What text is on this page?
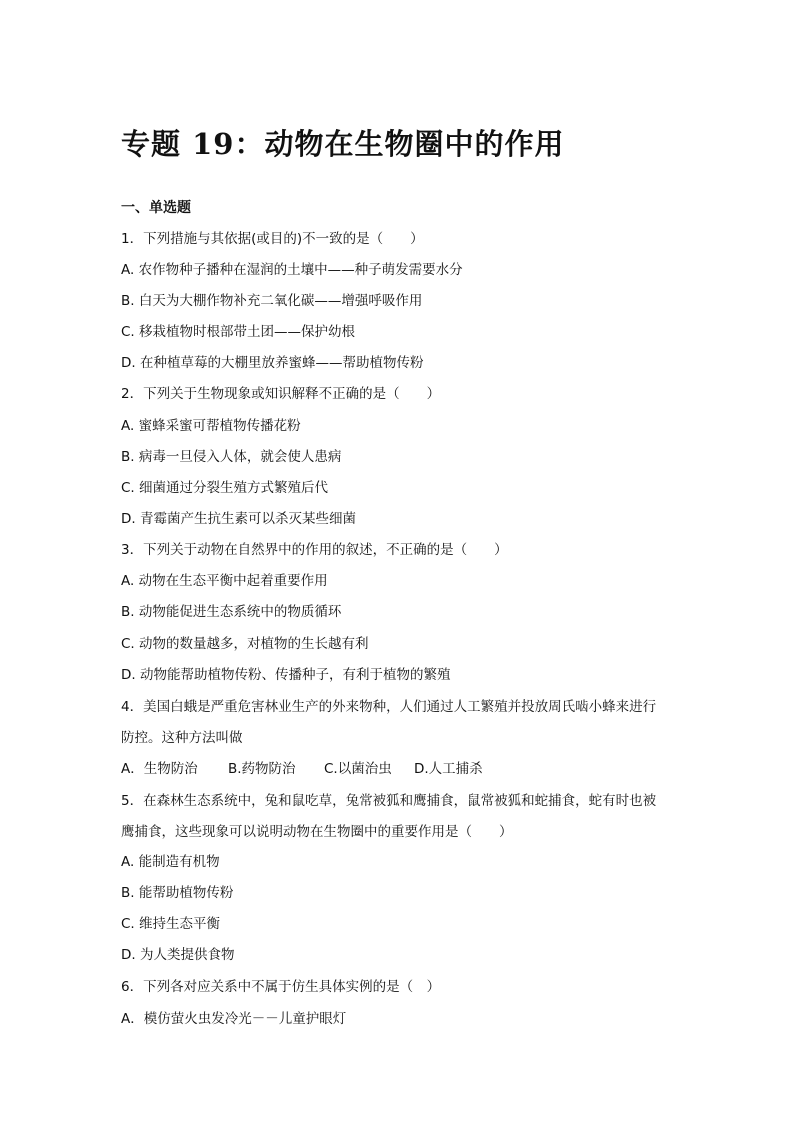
专题 19：动物在生物圈中的作用
一、单选题
1．下列措施与其依据(或目的)不一致的是（　　）
A. 农作物种子播种在湿润的土壤中——种子萌发需要水分
B. 白天为大棚作物补充二氧化碳——增强呼吸作用
C. 移栽植物时根部带土团——保护幼根
D. 在种植草莓的大棚里放养蜜蜂——帮助植物传粉
2．下列关于生物现象或知识解释不正确的是（　　）
A. 蜜蜂采蜜可帮植物传播花粉
B. 病毒一旦侵入人体，就会使人患病
C. 细菌通过分裂生殖方式繁殖后代
D. 青霉菌产生抗生素可以杀灭某些细菌
3．下列关于动物在自然界中的作用的叙述，不正确的是（　　）
A. 动物在生态平衡中起着重要作用
B. 动物能促进生态系统中的物质循环
C. 动物的数量越多，对植物的生长越有利
D. 动物能帮助植物传粉、传播种子，有利于植物的繁殖
4．美国白蛾是严重危害林业生产的外来物种，人们通过人工繁殖并投放周氏啮小蜂来进行
防控。这种方法叫做
A．生物防治 B.药物防治 C.以菌治虫 D.人工捕杀
5．在森林生态系统中，兔和鼠吃草，兔常被狐和鹰捕食，鼠常被狐和蛇捕食，蛇有时也被
鹰捕食，这些现象可以说明动物在生物圈中的重要作用是（　　）
A. 能制造有机物
B. 能帮助植物传粉
C. 维持生态平衡
D. 为人类提供食物
6．下列各对应关系中不属于仿生具体实例的是（　）
A．模仿萤火虫发冷光－－儿童护眼灯
